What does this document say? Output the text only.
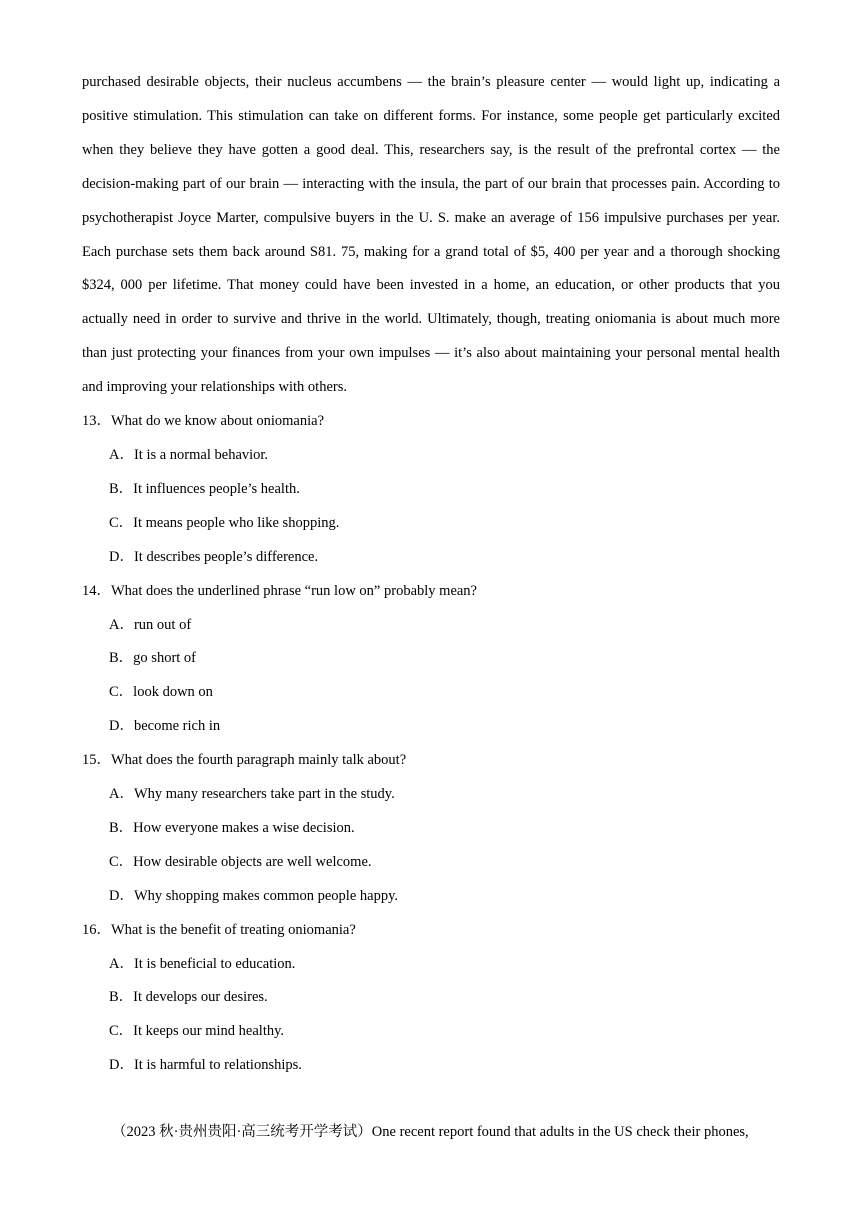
purchased desirable objects, their nucleus accumbens — the brain’s pleasure center — would light up, indicating a positive stimulation. This stimulation can take on different forms. For instance, some people get particularly excited when they believe they have gotten a good deal. This, researchers say, is the result of the prefrontal cortex — the decision-making part of our brain — interacting with the insula, the part of our brain that processes pain. According to psychotherapist Joyce Marter, compulsive buyers in the U. S. make an average of 156 impulsive purchases per year. Each purchase sets them back around S81. 75, making for a grand total of $5, 400 per year and a thorough shocking $324, 000 per lifetime. That money could have been invested in a home, an education, or other products that you actually need in order to survive and thrive in the world. Ultimately, though, treating oniomania is about much more than just protecting your finances from your own impulses — it’s also about maintaining your personal mental health and improving your relationships with others.

13．What do we know about oniomania?

A．It is a normal behavior.

B．It influences people’s health.

C．It means people who like shopping.

D．It describes people’s difference.

14．What does the underlined phrase “run low on” probably mean?

A．run out of

B．go short of

C．look down on

D．become rich in

15．What does the fourth paragraph mainly talk about?

A．Why many researchers take part in the study.

B．How everyone makes a wise decision.

C．How desirable objects are well welcome.

D．Why shopping makes common people happy.

16．What is the benefit of treating oniomania?

A．It is beneficial to education.

B．It develops our desires.

C．It keeps our mind healthy.

D．It is harmful to relationships.

（2023 秋·贵州贵阳·高三统考开学考试）One recent report found that adults in the US check their phones,
